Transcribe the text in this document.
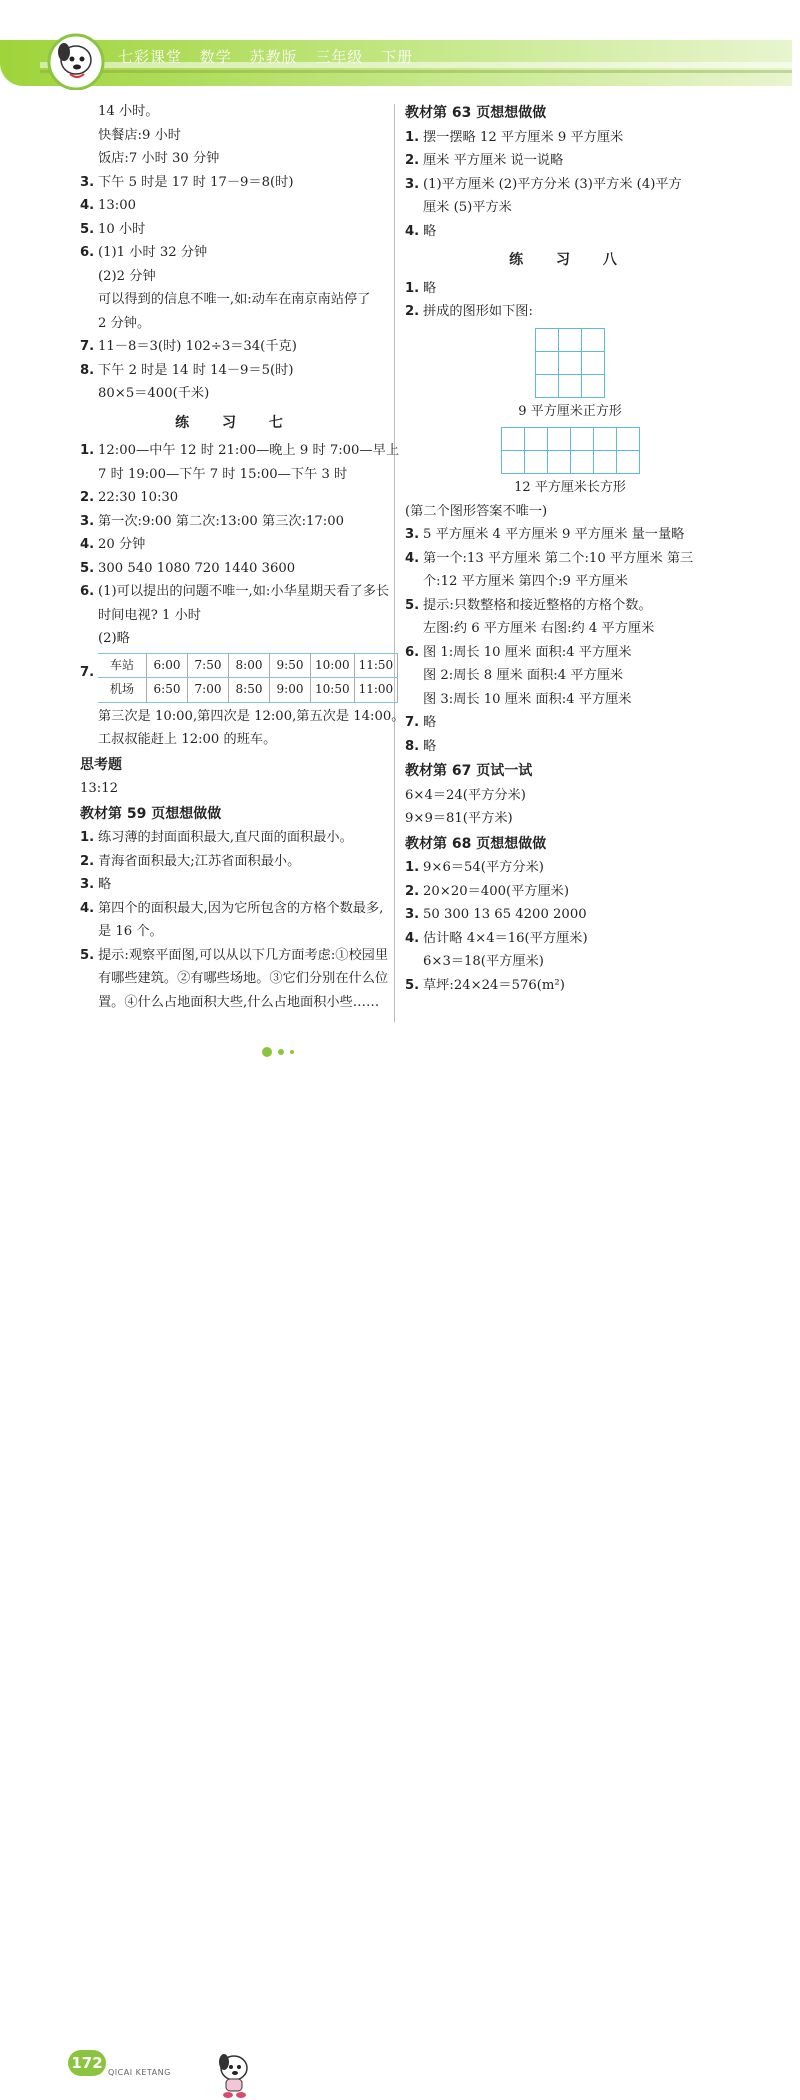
七彩课堂 数学 苏教版 三年级 下册
14 小时。
快餐店:9 小时
饭店:7 小时 30 分钟
3. 下午 5 时是 17 时 17－9＝8(时)
4. 13:00
5. 10 小时
6. (1)1 小时 32 分钟
(2)2 分钟
可以得到的信息不唯一,如:动车在南京南站停了
2 分钟。
7. 11－8＝3(时) 102÷3＝34(千克)
8. 下午 2 时是 14 时 14－9＝5(时)
80×5＝400(千米)
练 习 七
1. 12:00—中午 12 时 21:00—晚上 9 时 7:00—早上
7 时 19:00—下午 7 时 15:00—下午 3 时
2. 22:30 10:30
3. 第一次:9:00 第二次:13:00 第三次:17:00
4. 20 分钟
5. 300 540 1080 720 1440 3600
6. (1)可以提出的问题不唯一,如:小华星期天看了多长
时间电视? 1 小时
(2)略
7.	车站	6:00	7:50	8:00	9:50	10:00	11:50
机场	6:50	7:00	8:50	9:00	10:50	11:00
第三次是 10:00,第四次是 12:00,第五次是 14:00。
工叔叔能赶上 12:00 的班车。
思考题
13:12
教材第 59 页想想做做
1. 练习薄的封面面积最大,直尺面的面积最小。
2. 青海省面积最大;江苏省面积最小。
3. 略
4. 第四个的面积最大,因为它所包含的方格个数最多,
是 16 个。
5. 提示:观察平面图,可以从以下几方面考虑:①校园里
有哪些建筑。②有哪些场地。③它们分别在什么位
置。④什么占地面积大些,什么占地面积小些……
教材第 63 页想想做做
1. 摆一摆略 12 平方厘米 9 平方厘米
2. 厘米 平方厘米 说一说略
3. (1)平方厘米 (2)平方分米 (3)平方米 (4)平方
厘米 (5)平方米
4. 略
练 习 八
1. 略
2. 拼成的图形如下图:

9 平方厘米正方形

12 平方厘米长方形
(第二个图形答案不唯一)
3. 5 平方厘米 4 平方厘米 9 平方厘米 量一量略
4. 第一个:13 平方厘米 第二个:10 平方厘米 第三
个:12 平方厘米 第四个:9 平方厘米
5. 提示:只数整格和接近整格的方格个数。
左图:约 6 平方厘米 右图:约 4 平方厘米
6. 图 1:周长 10 厘米 面积:4 平方厘米
图 2:周长 8 厘米 面积:4 平方厘米
图 3:周长 10 厘米 面积:4 平方厘米
7. 略
8. 略
教材第 67 页试一试
6×4＝24(平方分米)
9×9＝81(平方米)
教材第 68 页想想做做
1. 9×6＝54(平方分米)
2. 20×20＝400(平方厘米)
3. 50 300 13 65 4200 2000
4. 估计略 4×4＝16(平方厘米)
6×3＝18(平方厘米)
5. 草坪:24×24＝576(m²)
172
QICAI KETANG
